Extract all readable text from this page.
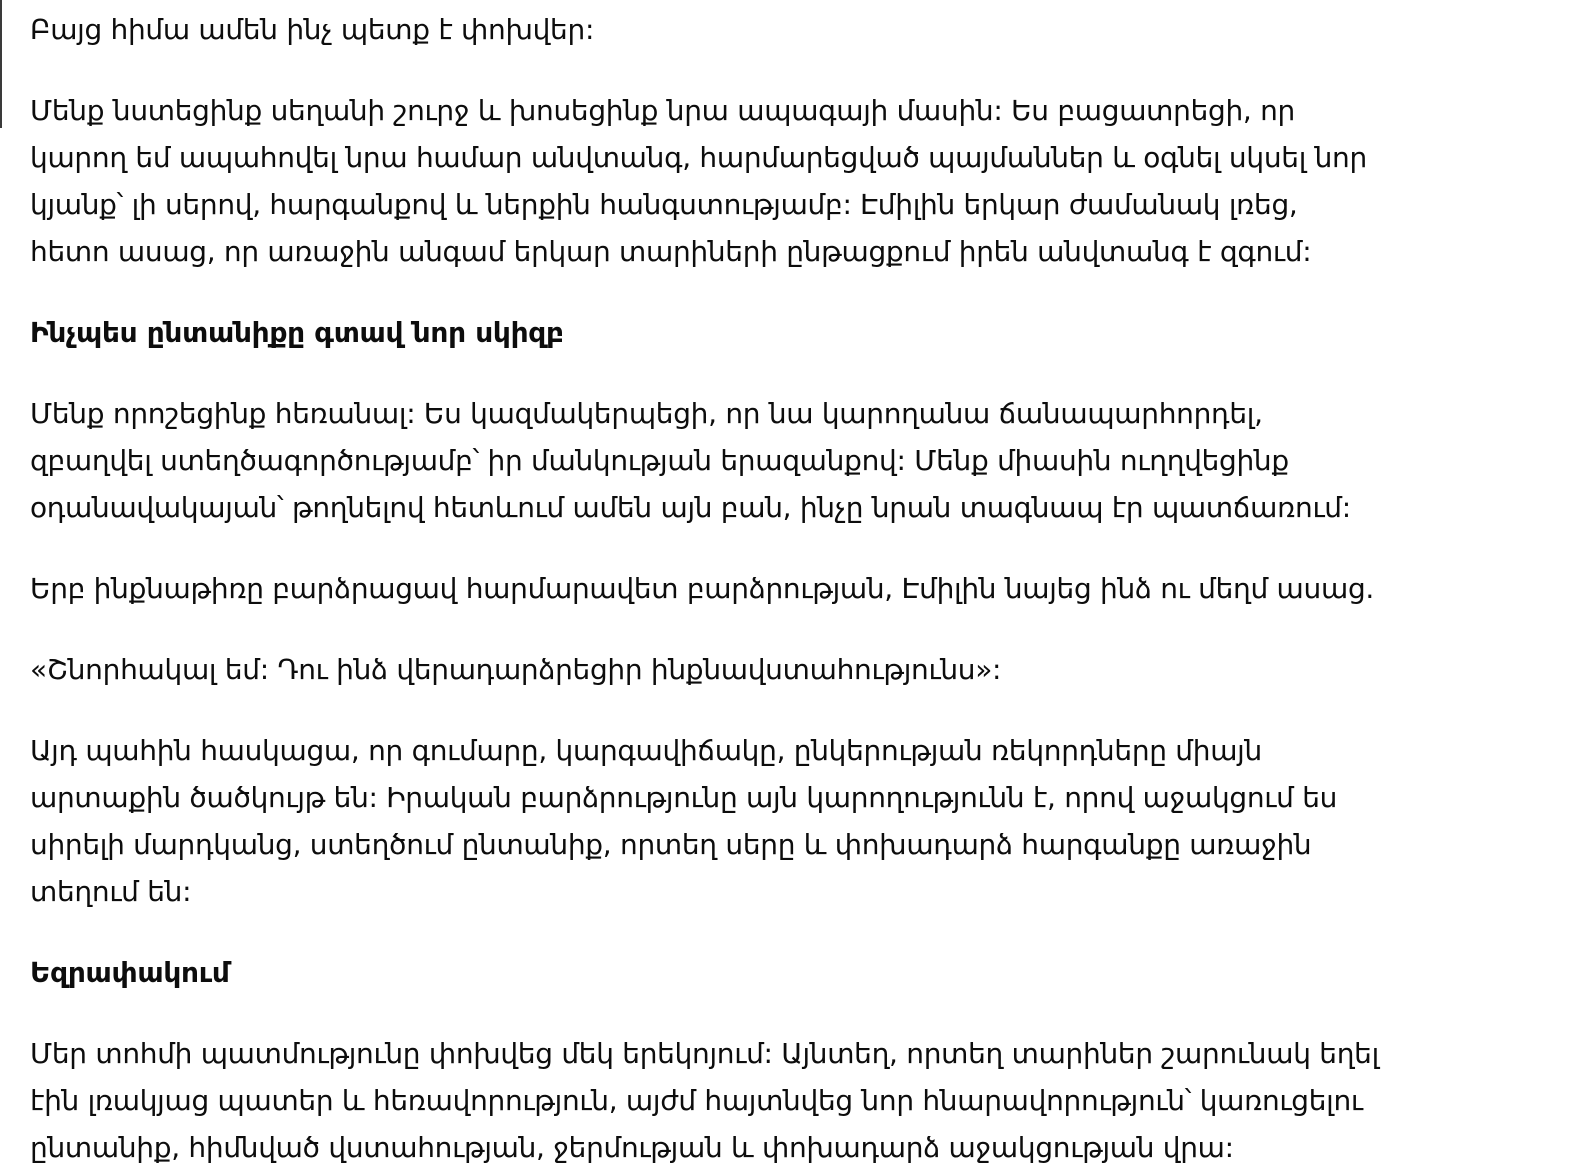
Բայց հիմա ամեն ինչ պետք է փոխվեր:

Մենք նստեցինք սեղանի շուրջ և խոսեցինք նրա ապագայի մասին: Ես բացատրեցի, որ կարող եմ ապահովել նրա համար անվտանգ, հարմարեցված պայմաններ և օգնել սկսել նոր կյանք՝ լի սերով, հարգանքով և ներքին հանգստությամբ: Էմիլին երկար ժամանակ լռեց, հետո ասաց, որ առաջին անգամ երկար տարիների ընթացքում իրեն անվտանգ է զգում:

Ինչպես ընտանիքը գտավ նոր սկիզբ

Մենք որոշեցինք հեռանալ: Ես կազմակերպեցի, որ նա կարողանա ճանապարհորդել, զբաղվել ստեղծագործությամբ՝ իր մանկության երազանքով: Մենք միասին ուղղվեցինք օդանավակայան՝ թողնելով հետևում ամեն այն բան, ինչը նրան տագնապ էր պատճառում:

Երբ ինքնաթիռը բարձրացավ հարմարավետ բարձրության, Էմիլին նայեց ինձ ու մեղմ ասաց.

«Շնորհակալ եմ: Դու ինձ վերադարձրեցիր ինքնավստահությունս»:

Այդ պահին հասկացա, որ գումարը, կարգավիճակը, ընկերության ռեկորդները միայն արտաքին ծածկույթ են: Իրական բարձրությունը այն կարողությունն է, որով աջակցում ես սիրելի մարդկանց, ստեղծում ընտանիք, որտեղ սերը և փոխադարձ հարգանքը առաջին տեղում են:

Եզրափակում

Մեր տոհմի պատմությունը փոխվեց մեկ երեկոյում: Այնտեղ, որտեղ տարիներ շարունակ եղել էին լռակյաց պատեր և հեռավորություն, այժմ հայտնվեց նոր հնարավորություն՝ կառուցելու ընտանիք, հիմնված վստահության, ջերմության և փոխադարձ աջակցության վրա:
